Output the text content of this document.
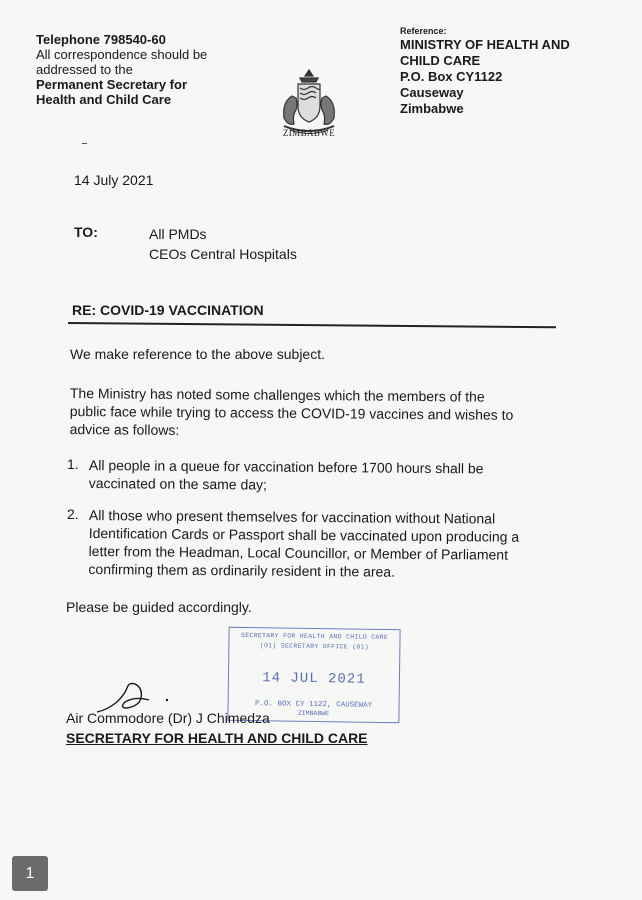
Telephone 798540-60
All correspondence should be
addressed to the
Permanent Secretary for
Health and Child Care
Reference:
MINISTRY OF HEALTH AND
CHILD CARE
P.O. Box CY1122
Causeway
Zimbabwe
ZIMBABWE
14 July 2021
TO:	All PMDs
CEOs Central Hospitals
RE: COVID-19 VACCINATION
We make reference to the above subject.
The Ministry has noted some challenges which the members of the
public face while trying to access the COVID-19 vaccines and wishes to
advice as follows:
1. All people in a queue for vaccination before 1700 hours shall be
vaccinated on the same day;
2. All those who present themselves for vaccination without National
Identification Cards or Passport shall be vaccinated upon producing a
letter from the Headman, Local Councillor, or Member of Parliament
confirming them as ordinarily resident in the area.
Please be guided accordingly.
SECRETARY FOR HEALTH AND CHILD CARE
(01) SECRETARY OFFICE (01)
14 JUL 2021
P.O. BOX CY 1122, CAUSEWAY
ZIMBABWE
Air Commodore (Dr) J Chimedza
SECRETARY FOR HEALTH AND CHILD CARE
1
